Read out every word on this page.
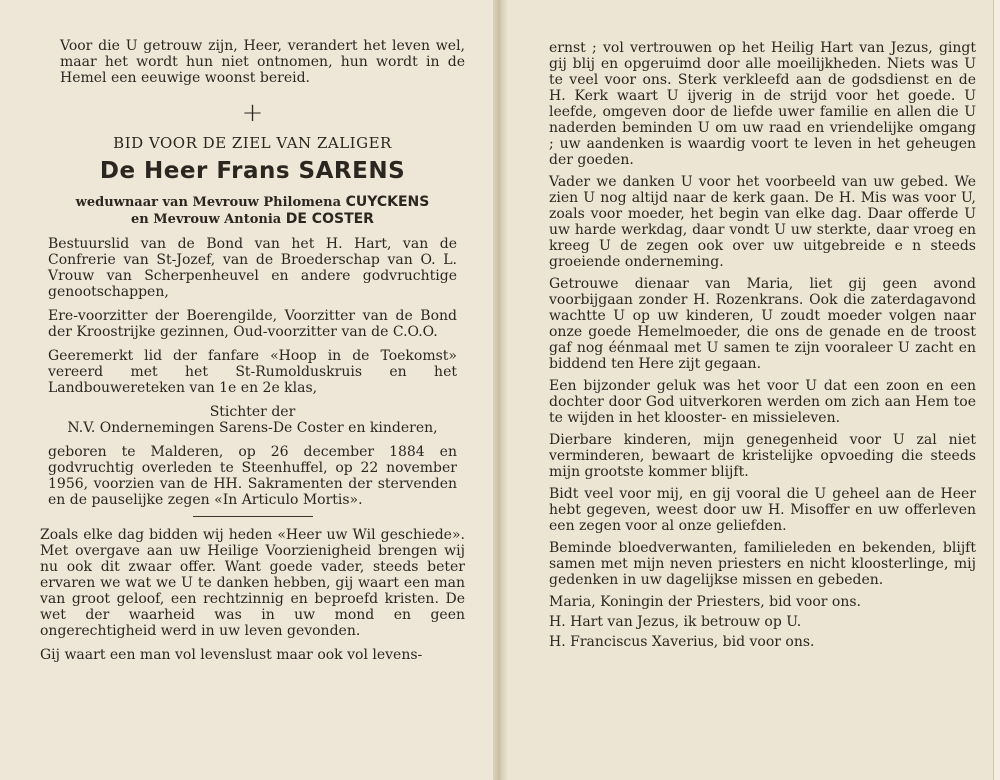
Voor die U getrouw zijn, Heer, verandert het leven wel, maar het wordt hun niet ontnomen, hun wordt in de Hemel een eeuwige woonst bereid.

+
BID VOOR DE ZIEL VAN ZALIGER
De Heer Frans SARENS
weduwnaar van Mevrouw Philomena CUYCKENS
en Mevrouw Antonia DE COSTER

Bestuurslid van de Bond van het H. Hart, van de Confrerie van St-Jozef, van de Broederschap van O. L. Vrouw van Scherpenheuvel en andere godvruchtige genootschappen,

Ere-voorzitter der Boerengilde, Voorzitter van de Bond der Kroostrijke gezinnen, Oud-voorzitter van de C.O.O.

Geeremerkt lid der fanfare «Hoop in de Toekomst» vereerd met het St-Rumolduskruis en het Landbouwereteken van 1e en 2e klas,

Stichter der
N.V. Ondernemingen Sarens-De Coster en kinderen,

geboren te Malderen, op 26 december 1884 en godvruchtig overleden te Steenhuffel, op 22 november 1956, voorzien van de HH. Sakramenten der stervenden en de pauselijke zegen «In Articulo Mortis».

Zoals elke dag bidden wij heden «Heer uw Wil geschiede». Met overgave aan uw Heilige Voorzienigheid brengen wij nu ook dit zwaar offer. Want goede vader, steeds beter ervaren we wat we U te danken hebben, gij waart een man van groot geloof, een rechtzinnig en beproefd kristen. De wet der waarheid was in uw mond en geen ongerechtigheid werd in uw leven gevonden.

Gij waart een man vol levenslust maar ook vol levens-

ernst ; vol vertrouwen op het Heilig Hart van Jezus, gingt gij blij en opgeruimd door alle moeilijkheden. Niets was U te veel voor ons. Sterk verkleefd aan de godsdienst en de H. Kerk waart U ijverig in de strijd voor het goede. U leefde, omgeven door de liefde uwer familie en allen die U naderden beminden U om uw raad en vriendelijke omgang ; uw aandenken is waardig voort te leven in het geheugen der goeden.

Vader we danken U voor het voorbeeld van uw gebed. We zien U nog altijd naar de kerk gaan. De H. Mis was voor U, zoals voor moeder, het begin van elke dag. Daar offerde U uw harde werkdag, daar vondt U uw sterkte, daar vroeg en kreeg U de zegen ook over uw uitgebreide e n steeds groeiende onderneming.

Getrouwe dienaar van Maria, liet gij geen avond voorbijgaan zonder H. Rozenkrans. Ook die zaterdagavond wachtte U op uw kinderen, U zoudt moeder volgen naar onze goede Hemelmoeder, die ons de genade en de troost gaf nog éénmaal met U samen te zijn vooraleer U zacht en biddend ten Here zijt gegaan.

Een bijzonder geluk was het voor U dat een zoon en een dochter door God uitverkoren werden om zich aan Hem toe te wijden in het klooster- en missieleven.

Dierbare kinderen, mijn genegenheid voor U zal niet verminderen, bewaart de kristelijke opvoeding die steeds mijn grootste kommer blijft.

Bidt veel voor mij, en gij vooral die U geheel aan de Heer hebt gegeven, weest door uw H. Misoffer en uw offerleven een zegen voor al onze geliefden.

Beminde bloedverwanten, familieleden en bekenden, blijft samen met mijn neven priesters en nicht kloosterlinge, mij gedenken in uw dagelijkse missen en gebeden.

Maria, Koningin der Priesters, bid voor ons.

H. Hart van Jezus, ik betrouw op U.

H. Franciscus Xaverius, bid voor ons.
